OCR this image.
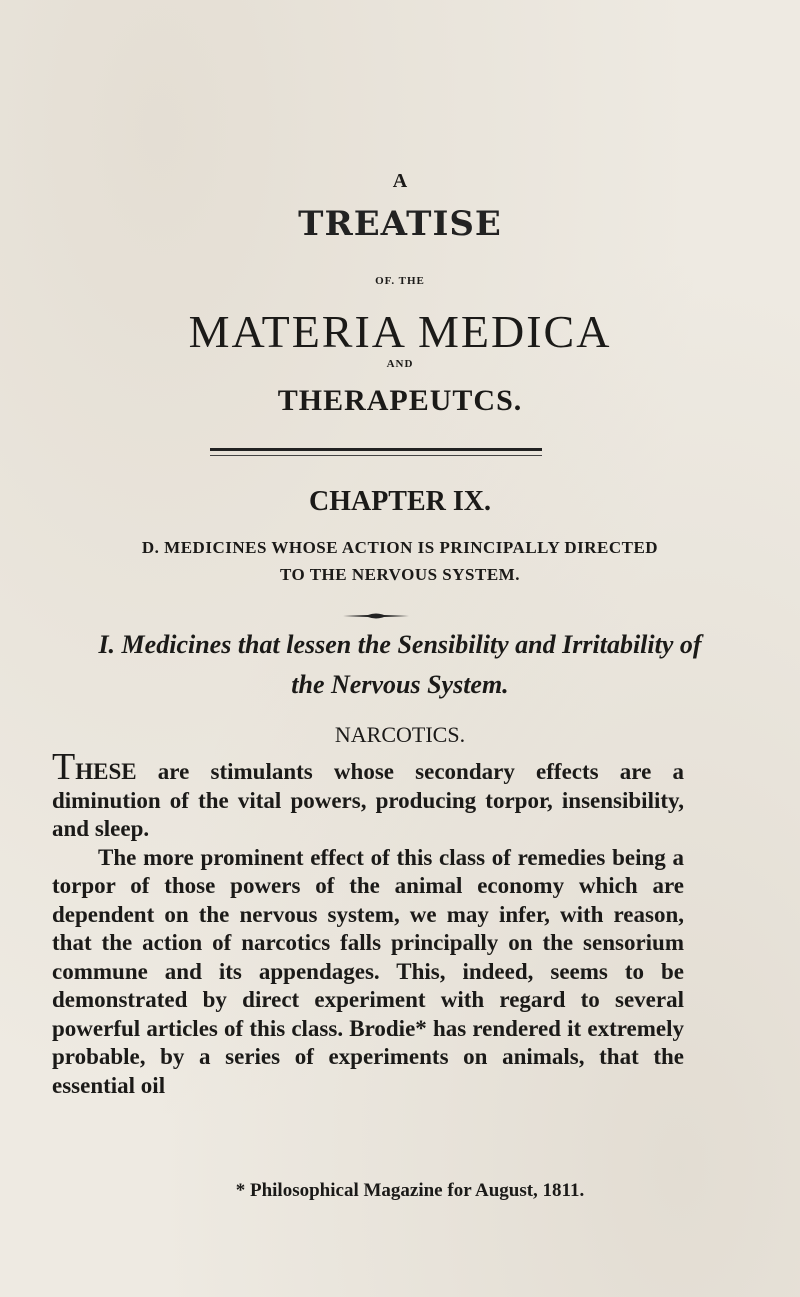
A
TREATISE
OF. THE
MATERIA MEDICA
AND
THERAPEUTCS.
CHAPTER IX.
D. MEDICINES WHOSE ACTION IS PRINCIPALLY DIRECTED
TO THE NERVOUS SYSTEM.
I. Medicines that lessen the Sensibility and Irritability of
the Nervous System.
NARCOTICS.

THESE are stimulants whose secondary effects are a diminution of the vital powers, producing torpor, insensibility, and sleep.

The more prominent effect of this class of remedies being a torpor of those powers of the animal economy which are dependent on the nervous system, we may infer, with reason, that the action of narcotics falls principally on the sensorium commune and its appendages. This, indeed, seems to be demonstrated by direct experiment with regard to several powerful articles of this class. Brodie* has rendered it extremely probable, by a series of experiments on animals, that the essential oil

* Philosophical Magazine for August, 1811.
